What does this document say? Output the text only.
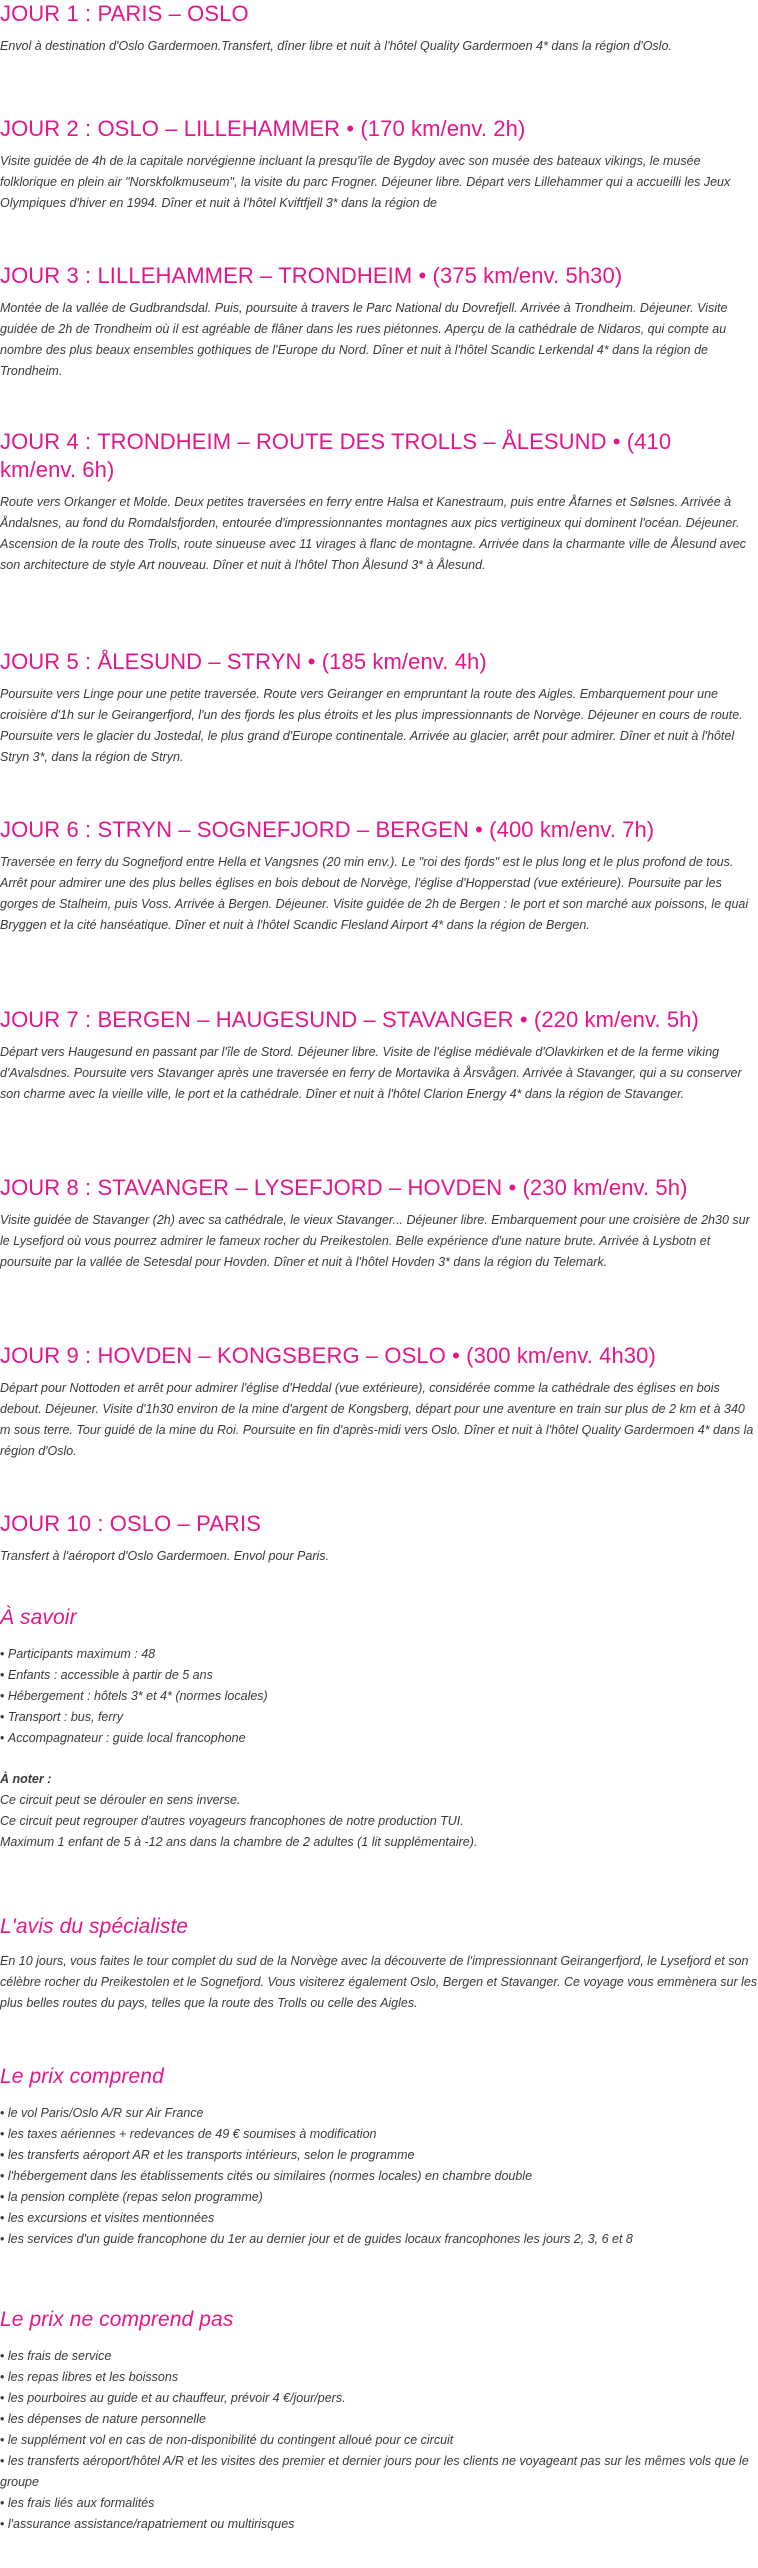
JOUR 1 : PARIS – OSLO

Envol à destination d'Oslo Gardermoen.Transfert, dîner libre et nuit à l'hôtel Quality Gardermoen 4* dans la région d'Oslo.

JOUR 2 : OSLO – LILLEHAMMER • (170 km/env. 2h)

Visite guidée de 4h de la capitale norvégienne incluant la presqu'île de Bygdoy avec son musée des bateaux vikings, le musée folklorique en plein air "Norskfolkmuseum", la visite du parc Frogner. Déjeuner libre. Départ vers Lillehammer qui a accueilli les Jeux Olympiques d'hiver en 1994. Dîner et nuit à l'hôtel Kviftfjell 3* dans la région de

JOUR 3 : LILLEHAMMER – TRONDHEIM • (375 km/env. 5h30)

Montée de la vallée de Gudbrandsdal. Puis, poursuite à travers le Parc National du Dovrefjell. Arrivée à Trondheim. Déjeuner. Visite guidée de 2h de Trondheim où il est agréable de flâner dans les rues piétonnes. Aperçu de la cathédrale de Nidaros, qui compte au nombre des plus beaux ensembles gothiques de l'Europe du Nord. Dîner et nuit à l'hôtel Scandic Lerkendal 4* dans la région de Trondheim.

JOUR 4 : TRONDHEIM – ROUTE DES TROLLS – ÅLESUND • (410 km/env. 6h)

Route vers Orkanger et Molde. Deux petites traversées en ferry entre Halsa et Kanestraum, puis entre Åfarnes et Sølsnes. Arrivée à Åndalsnes, au fond du Romdalsfjorden, entourée d'impressionnantes montagnes aux pics vertigineux qui dominent l'océan. Déjeuner. Ascension de la route des Trolls, route sinueuse avec 11 virages à flanc de montagne. Arrivée dans la charmante ville de Ålesund avec son architecture de style Art nouveau. Dîner et nuit à l'hôtel Thon Ålesund 3* à Ålesund.

JOUR 5 : ÅLESUND – STRYN • (185 km/env. 4h)

Poursuite vers Linge pour une petite traversée. Route vers Geiranger en empruntant la route des Aigles. Embarquement pour une croisière d'1h sur le Geirangerfjord, l'un des fjords les plus étroits et les plus impressionnants de Norvège. Déjeuner en cours de route. Poursuite vers le glacier du Jostedal, le plus grand d'Europe continentale. Arrivée au glacier, arrêt pour admirer. Dîner et nuit à l'hôtel Stryn 3*, dans la région de Stryn.

JOUR 6 : STRYN – SOGNEFJORD – BERGEN • (400 km/env. 7h)

Traversée en ferry du Sognefjord entre Hella et Vangsnes (20 min env.). Le "roi des fjords" est le plus long et le plus profond de tous. Arrêt pour admirer une des plus belles églises en bois debout de Norvège, l'église d'Hopperstad (vue extérieure). Poursuite par les gorges de Stalheim, puis Voss. Arrivée à Bergen. Déjeuner. Visite guidée de 2h de Bergen : le port et son marché aux poissons, le quai Bryggen et la cité hanséatique. Dîner et nuit à l'hôtel Scandic Flesland Airport 4* dans la région de Bergen.

JOUR 7 : BERGEN – HAUGESUND – STAVANGER • (220 km/env. 5h)

Départ vers Haugesund en passant par l'île de Stord. Déjeuner libre. Visite de l'église médiévale d'Olavkirken et de la ferme viking d'Avalsdnes. Poursuite vers Stavanger après une traversée en ferry de Mortavika à Årsvågen. Arrivée à Stavanger, qui a su conserver son charme avec la vieille ville, le port et la cathédrale. Dîner et nuit à l'hôtel Clarion Energy 4* dans la région de Stavanger.

JOUR 8 : STAVANGER – LYSEFJORD – HOVDEN • (230 km/env. 5h)

Visite guidée de Stavanger (2h) avec sa cathédrale, le vieux Stavanger... Déjeuner libre. Embarquement pour une croisière de 2h30 sur le Lysefjord où vous pourrez admirer le fameux rocher du Preikestolen. Belle expérience d'une nature brute. Arrivée à Lysbotn et poursuite par la vallée de Setesdal pour Hovden. Dîner et nuit à l'hôtel Hovden 3* dans la région du Telemark.

JOUR 9 : HOVDEN – KONGSBERG – OSLO • (300 km/env. 4h30)

Départ pour Nottoden et arrêt pour admirer l'église d'Heddal (vue extérieure), considérée comme la cathédrale des églises en bois debout. Déjeuner. Visite d'1h30 environ de la mine d'argent de Kongsberg, départ pour une aventure en train sur plus de 2 km et à 340 m sous terre. Tour guidé de la mine du Roi. Poursuite en fin d'après-midi vers Oslo. Dîner et nuit à l'hôtel Quality Gardermoen 4* dans la région d'Oslo.

JOUR 10 : OSLO – PARIS

Transfert à l'aéroport d'Oslo Gardermoen. Envol pour Paris.

À savoir
• Participants maximum : 48
• Enfants : accessible à partir de 5 ans
• Hébergement : hôtels 3* et 4* (normes locales)
• Transport : bus, ferry
• Accompagnateur : guide local francophone

À noter :

Ce circuit peut se dérouler en sens inverse.

Ce circuit peut regrouper d'autres voyageurs francophones de notre production TUI.

Maximum 1 enfant de 5 à -12 ans dans la chambre de 2 adultes (1 lit supplémentaire).

L'avis du spécialiste

En 10 jours, vous faites le tour complet du sud de la Norvège avec la découverte de l'impressionnant Geirangerfjord, le Lysefjord et son célèbre rocher du Preikestolen et le Sognefjord. Vous visiterez également Oslo, Bergen et Stavanger. Ce voyage vous emmènera sur les plus belles routes du pays, telles que la route des Trolls ou celle des Aigles.

Le prix comprend
• le vol Paris/Oslo A/R sur Air France
• les taxes aériennes + redevances de 49 € soumises à modification
• les transferts aéroport AR et les transports intérieurs, selon le programme
• l'hébergement dans les établissements cités ou similaires (normes locales) en chambre double
• la pension complète (repas selon programme)
• les excursions et visites mentionnées
• les services d'un guide francophone du 1er au dernier jour et de guides locaux francophones les jours 2, 3, 6 et 8
Le prix ne comprend pas
• les frais de service
• les repas libres et les boissons
• les pourboires au guide et au chauffeur, prévoir 4 €/jour/pers.
• les dépenses de nature personnelle
• le supplément vol en cas de non-disponibilité du contingent alloué pour ce circuit
• les transferts aéroport/hôtel A/R et les visites des premier et dernier jours pour les clients ne voyageant pas sur les mêmes vols que le groupe
• les frais liés aux formalités
• l'assurance assistance/rapatriement ou multirisques
